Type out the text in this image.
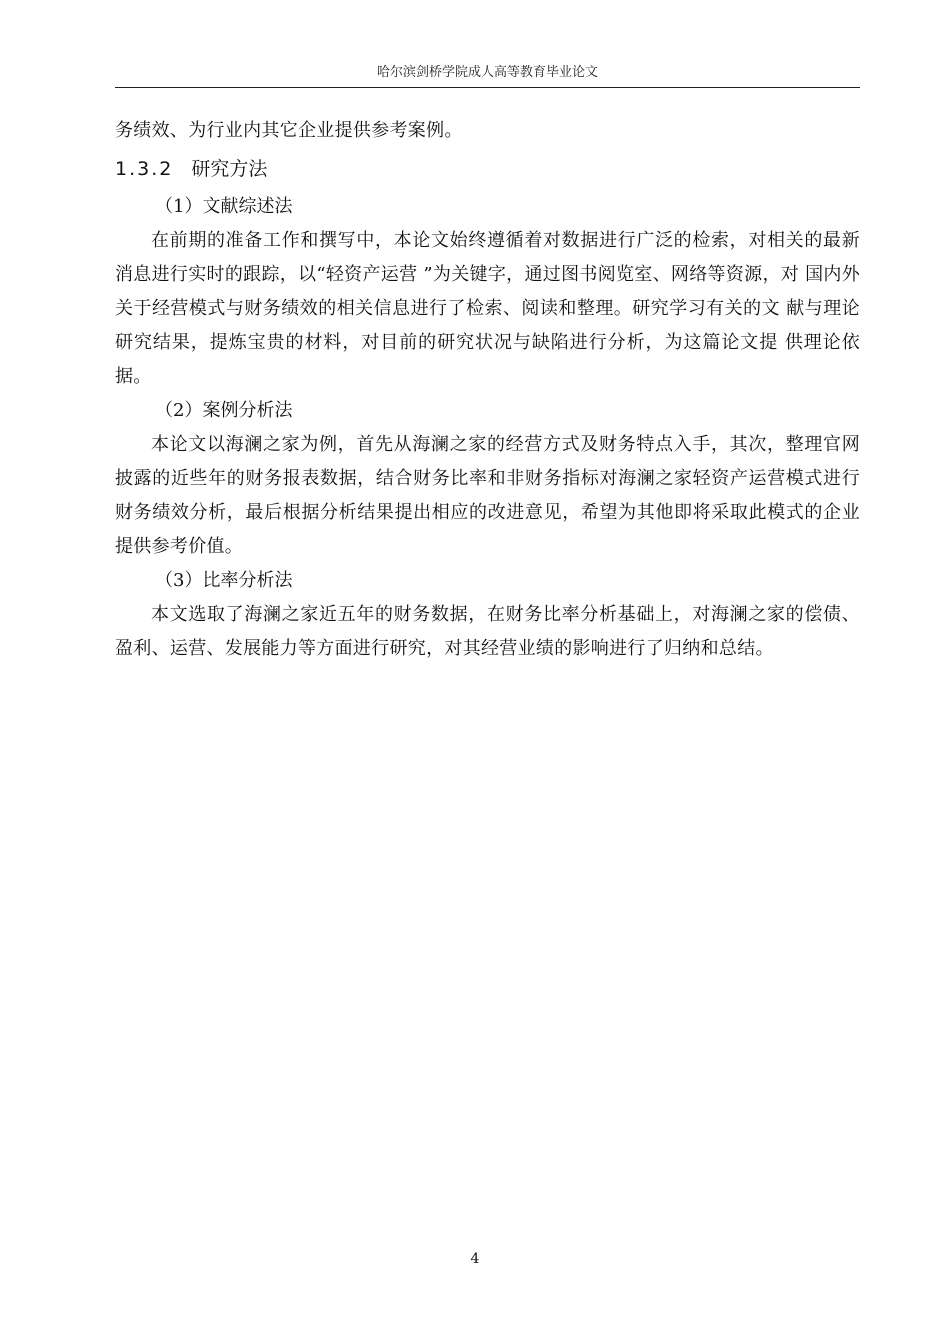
哈尔滨剑桥学院成人高等教育毕业论文

务绩效、为行业内其它企业提供参考案例。

1.3.2 研究方法

（1）文献综述法

在前期的准备工作和撰写中，本论文始终遵循着对数据进行广泛的检索，对相关的最新消息进行实时的跟踪，以“轻资产运营 ”为关键字，通过图书阅览室、网络等资源，对 国内外关于经营模式与财务绩效的相关信息进行了检索、阅读和整理。研究学习有关的文 献与理论研究结果，提炼宝贵的材料，对目前的研究状况与缺陷进行分析，为这篇论文提 供理论依据。

（2）案例分析法

本论文以海澜之家为例，首先从海澜之家的经营方式及财务特点入手，其次，整理官网披露的近些年的财务报表数据，结合财务比率和非财务指标对海澜之家轻资产运营模式进行财务绩效分析，最后根据分析结果提出相应的改进意见，希望为其他即将采取此模式的企业提供参考价值。

（3）比率分析法

本文选取了海澜之家近五年的财务数据，在财务比率分析基础上，对海澜之家的偿债、盈利、运营、发展能力等方面进行研究，对其经营业绩的影响进行了归纳和总结。

4
